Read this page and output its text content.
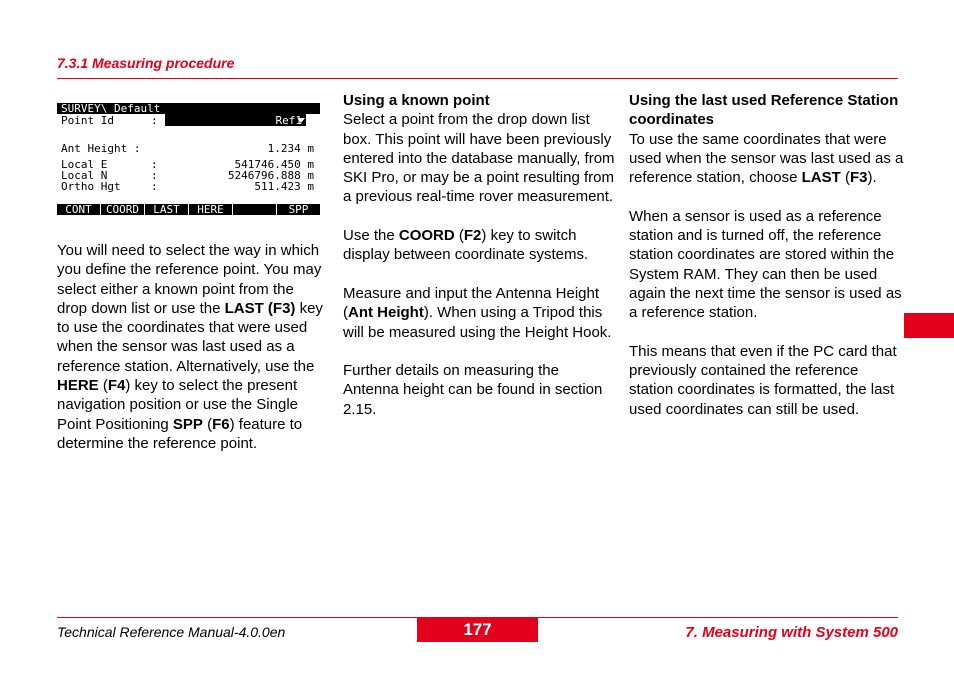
7.3.1 Measuring procedure
SURVEY\ Default
Point Id	:	Ref1
Ant Height :	1.234 m
Local E	:	541746.450 m
Local N	:	5246796.888 m
Ortho Hgt	:	511.423 m
CONT	COORD	LAST	HERE	SPP

You will need to select the way in which you define the reference point. You may select either a known point from the drop down list or use the LAST (F3) key to use the coordinates that were used when the sensor was last used as a reference station. Alternatively, use the HERE (F4) key to select the present navigation position or use the Single Point Positioning SPP (F6) feature to determine the reference point.

Using a known point

Select a point from the drop down list box. This point will have been previously entered into the database manually, from SKI Pro, or may be a point resulting from a previous real-time rover measurement.

Use the COORD (F2) key to switch display between coordinate systems.

Measure and input the Antenna Height (Ant Height). When using a Tripod this will be measured using the Height Hook.

Further details on measuring the Antenna height can be found in section 2.15.

Using the last used Reference Station coordinates

To use the same coordinates that were used when the sensor was last used as a reference station, choose LAST (F3).

When a sensor is used as a reference station and is turned off, the reference station coordinates are stored within the System RAM. They can then be used again the next time the sensor is used as a reference station.

This means that even if the PC card that previously contained the reference station coordinates is formatted, the last used coordinates can still be used.

Technical Reference Manual-4.0.0en	177	7. Measuring with System 500
